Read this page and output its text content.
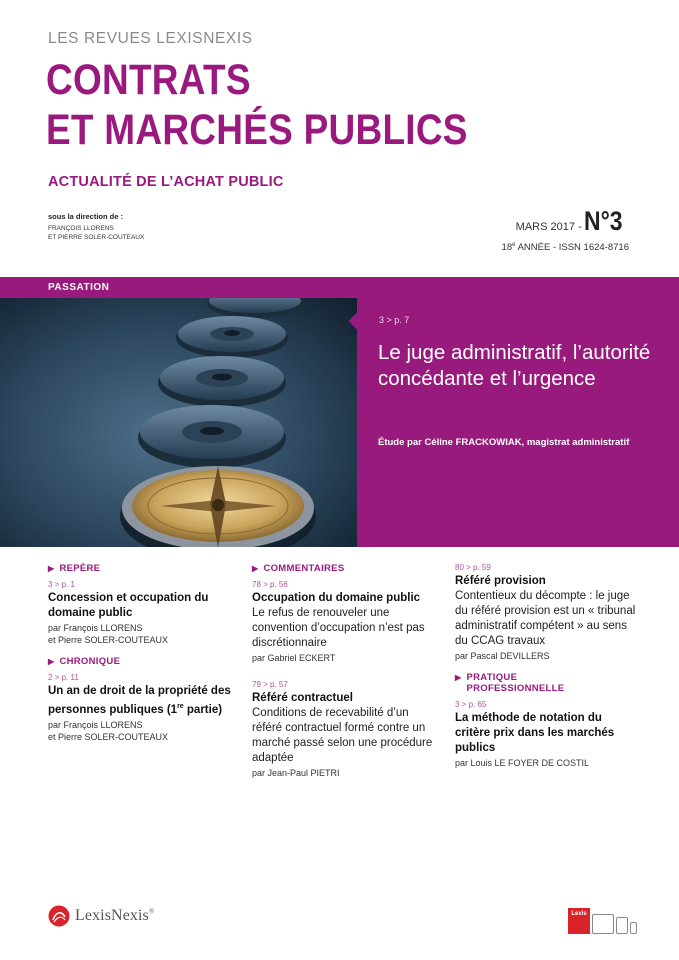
LES REVUES LEXISNEXIS
CONTRATS
ET MARCHÉS PUBLICS
ACTUALITÉ DE L’ACHAT PUBLIC
sous la direction de :
FRANÇOIS LLORENS
ET PIERRE SOLER-COUTEAUX
MARS 2017 - N°3
18e ANNÉE - ISSN 1624-8716
PASSATION
3 > p. 7
Le juge administratif, l’autorité concédante et l’urgence
Étude par Céline FRACKOWIAK, magistrat administratif
▶ REPÈRE
3 > p. 1
Concession et occupation du domaine public
par François LLORENS
et Pierre SOLER-COUTEAUX
▶ CHRONIQUE
2 > p. 11
Un an de droit de la propriété des personnes publiques (1re partie)
par François LLORENS
et Pierre SOLER-COUTEAUX
▶ COMMENTAIRES
78 > p. 56
Occupation du domaine public
Le refus de renouveler une convention d’occupation n’est pas discrétionnaire
par Gabriel ECKERT
79 > p. 57
Référé contractuel
Conditions de recevabilité d’un référé contractuel formé contre un marché passé selon une procédure adaptée
par Jean-Paul PIETRI
80 > p. 59
Référé provision
Contentieux du décompte : le juge du référé provision est un « tribunal administratif compétent » au sens du CCAG travaux
par Pascal DEVILLERS
▶ PRATIQUE
PROFESSIONNELLE
3 > p. 65
La méthode de notation du critère prix dans les marchés publics
par Louis LE FOYER DE COSTIL
LexisNexis®	Lexis
